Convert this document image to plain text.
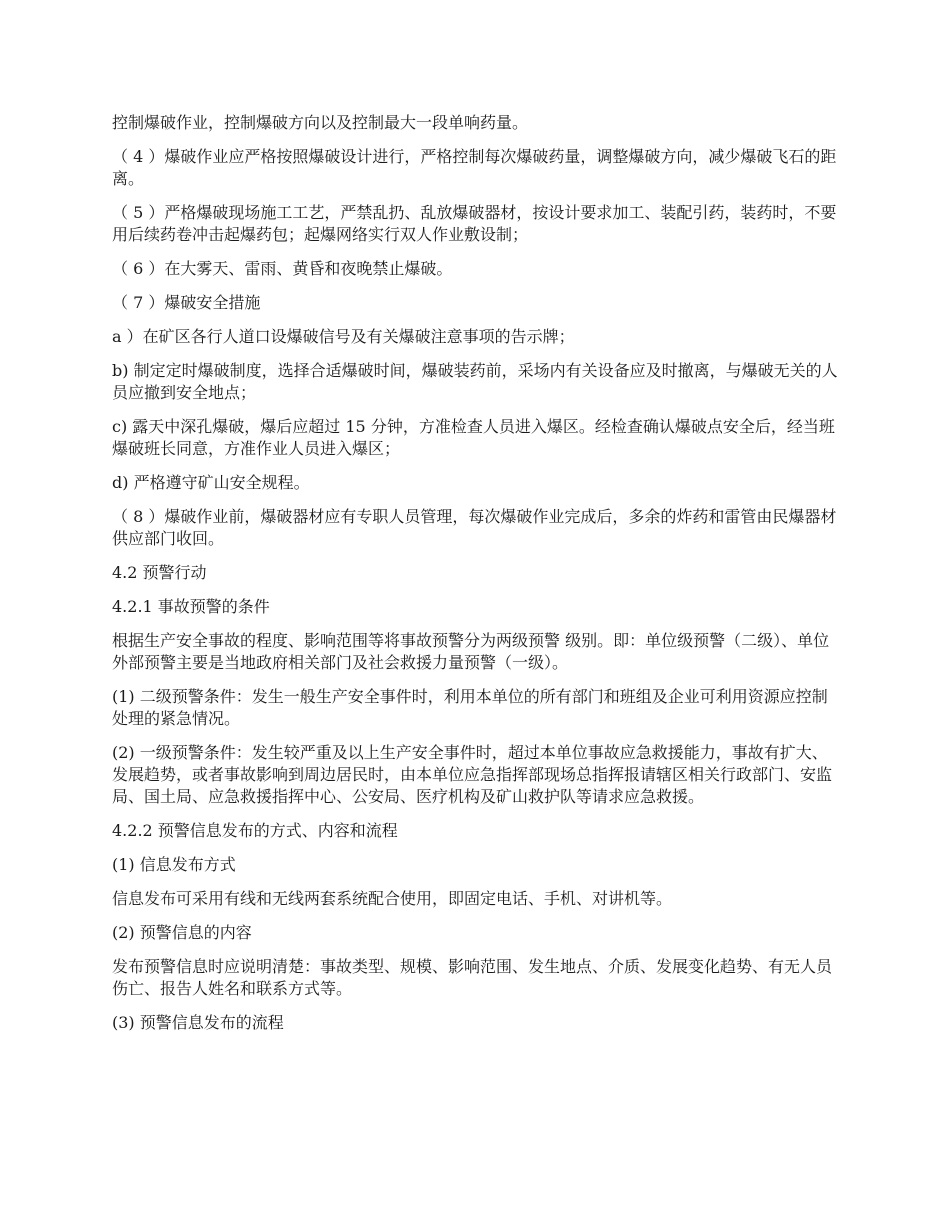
控制爆破作业，控制爆破方向以及控制最大一段单响药量。

（ 4 ）爆破作业应严格按照爆破设计进行，严格控制每次爆破药量，调整爆破方向，减少爆破飞石的距离。

（ 5 ）严格爆破现场施工工艺，严禁乱扔、乱放爆破器材，按设计要求加工、装配引药，装药时，不要用后续药卷冲击起爆药包；起爆网络实行双人作业敷设制；

（ 6 ）在大雾天、雷雨、黄昏和夜晚禁止爆破。

（ 7 ）爆破安全措施

a ）在矿区各行人道口设爆破信号及有关爆破注意事项的告示牌；

b) 制定定时爆破制度，选择合适爆破时间，爆破装药前，采场内有关设备应及时撤离，与爆破无关的人员应撤到安全地点；

c) 露天中深孔爆破，爆后应超过 15 分钟，方准检查人员进入爆区。经检查确认爆破点安全后，经当班爆破班长同意，方准作业人员进入爆区；

d) 严格遵守矿山安全规程。

（ 8 ）爆破作业前，爆破器材应有专职人员管理，每次爆破作业完成后，多余的炸药和雷管由民爆器材供应部门收回。

4.2 预警行动

4.2.1 事故预警的条件

根据生产安全事故的程度、影响范围等将事故预警分为两级预警 级别。即：单位级预警（二级）、单位外部预警主要是当地政府相关部门及社会救援力量预警（一级）。

(1) 二级预警条件：发生一般生产安全事件时，利用本单位的所有部门和班组及企业可利用资源应控制处理的紧急情况。

(2) 一级预警条件：发生较严重及以上生产安全事件时，超过本单位事故应急救援能力，事故有扩大、发展趋势，或者事故影响到周边居民时，由本单位应急指挥部现场总指挥报请辖区相关行政部门、安监局、国土局、应急救援指挥中心、公安局、医疗机构及矿山救护队等请求应急救援。

4.2.2 预警信息发布的方式、内容和流程

(1) 信息发布方式

信息发布可采用有线和无线两套系统配合使用，即固定电话、手机、对讲机等。

(2) 预警信息的内容

发布预警信息时应说明清楚：事故类型、规模、影响范围、发生地点、介质、发展变化趋势、有无人员伤亡、报告人姓名和联系方式等。

(3) 预警信息发布的流程
